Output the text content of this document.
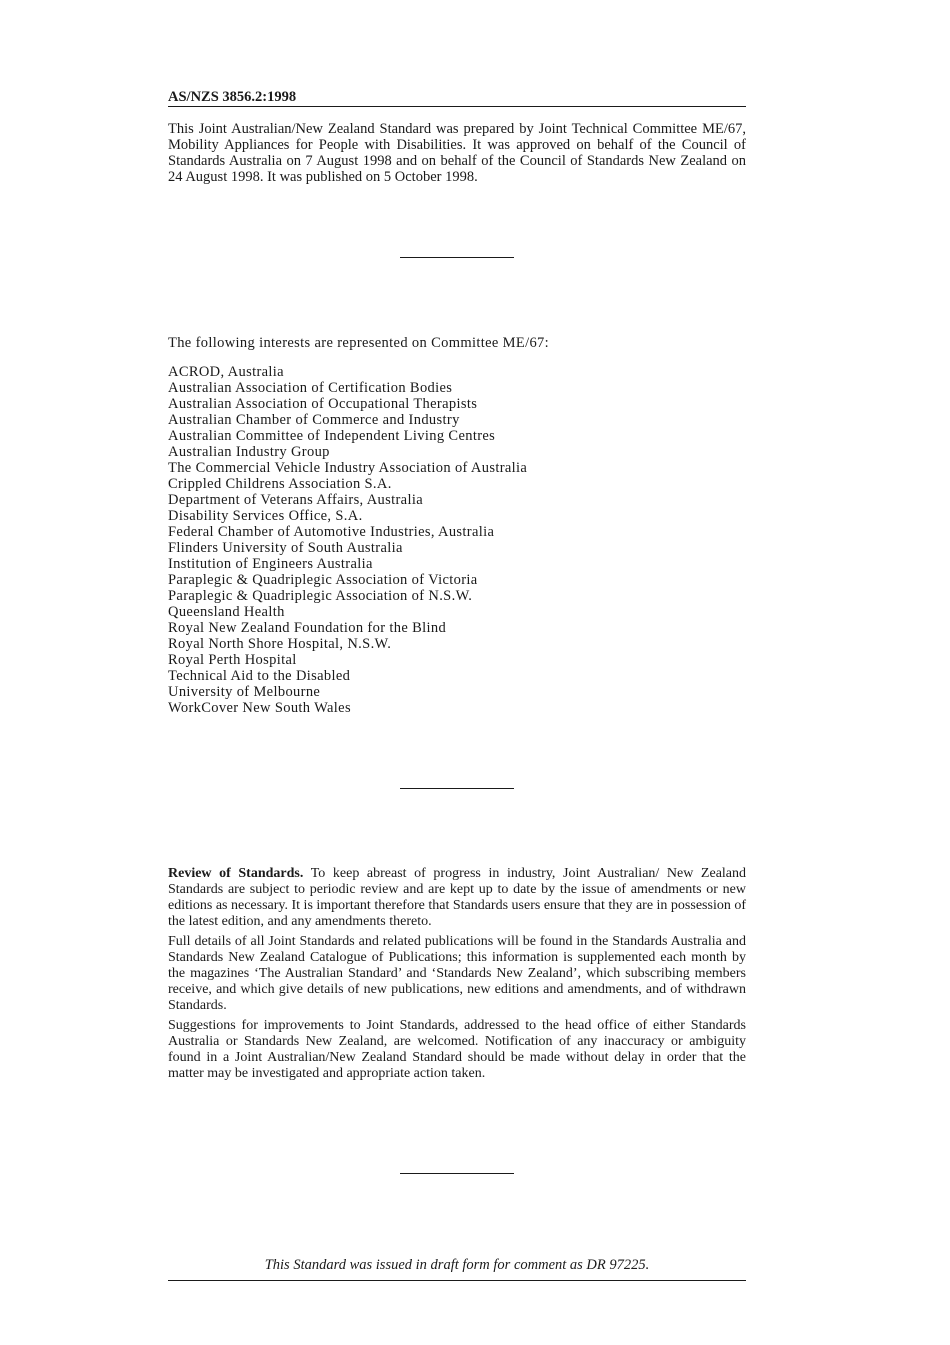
AS/NZS 3856.2:1998

This Joint Australian/New Zealand Standard was prepared by Joint Technical Committee ME/67, Mobility Appliances for People with Disabilities. It was approved on behalf of the Council of Standards Australia on 7 August 1998 and on behalf of the Council of Standards New Zealand on 24 August 1998. It was published on 5 October 1998.

The following interests are represented on Committee ME/67:

ACROD, Australia
Australian Association of Certification Bodies
Australian Association of Occupational Therapists
Australian Chamber of Commerce and Industry
Australian Committee of Independent Living Centres
Australian Industry Group
The Commercial Vehicle Industry Association of Australia
Crippled Childrens Association S.A.
Department of Veterans Affairs, Australia
Disability Services Office, S.A.
Federal Chamber of Automotive Industries, Australia
Flinders University of South Australia
Institution of Engineers Australia
Paraplegic & Quadriplegic Association of Victoria
Paraplegic & Quadriplegic Association of N.S.W.
Queensland Health
Royal New Zealand Foundation for the Blind
Royal North Shore Hospital, N.S.W.
Royal Perth Hospital
Technical Aid to the Disabled
University of Melbourne
WorkCover New South Wales

Review of Standards. To keep abreast of progress in industry, Joint Australian/ New Zealand Standards are subject to periodic review and are kept up to date by the issue of amendments or new editions as necessary. It is important therefore that Standards users ensure that they are in possession of the latest edition, and any amendments thereto.

Full details of all Joint Standards and related publications will be found in the Standards Australia and Standards New Zealand Catalogue of Publications; this information is supplemented each month by the magazines ‘The Australian Standard’ and ‘Standards New Zealand’, which subscribing members receive, and which give details of new publications, new editions and amendments, and of withdrawn Standards.

Suggestions for improvements to Joint Standards, addressed to the head office of either Standards Australia or Standards New Zealand, are welcomed. Notification of any inaccuracy or ambiguity found in a Joint Australian/New Zealand Standard should be made without delay in order that the matter may be investigated and appropriate action taken.

This Standard was issued in draft form for comment as DR 97225.
